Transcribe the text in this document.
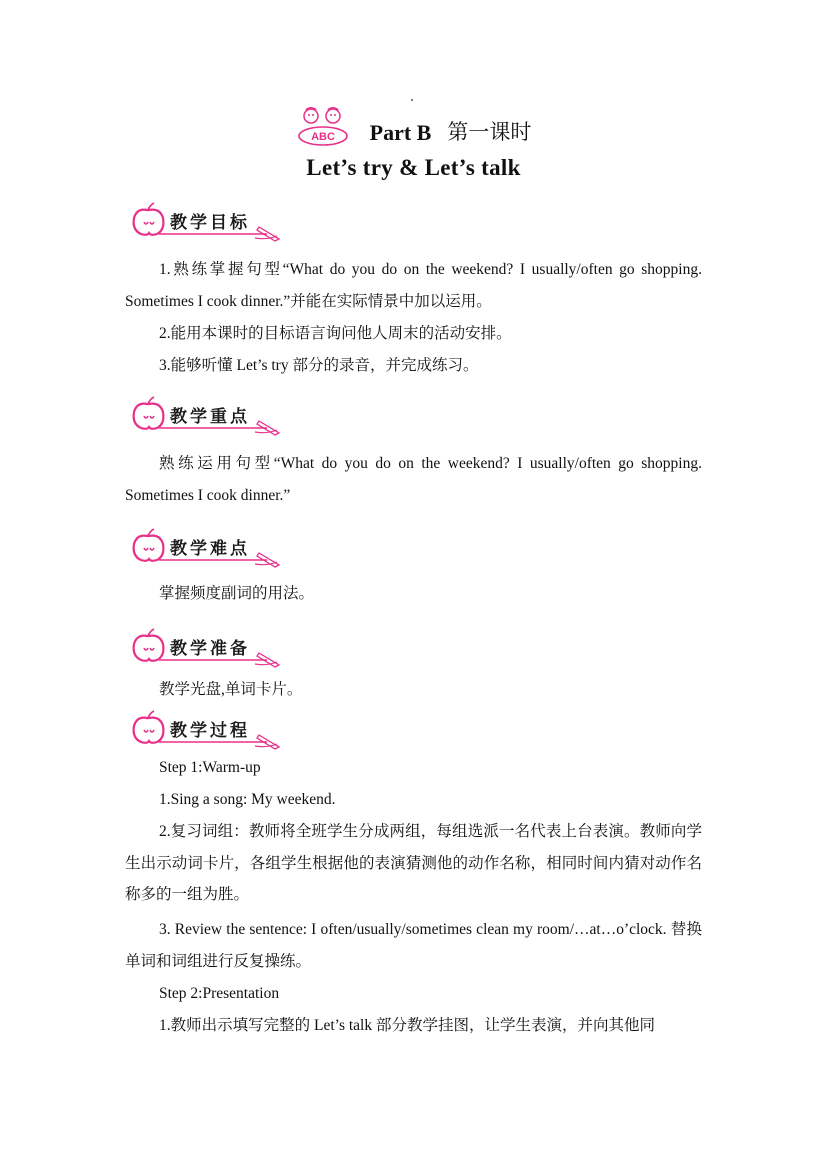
ABC Part B 第一课时
Let’s try & Let’s talk
教学目标
1.熟练掌握句型“What do you do on the weekend? I usually/often go shopping. Sometimes I cook dinner.”并能在实际情景中加以运用。
2.能用本课时的目标语言询问他人周末的活动安排。
3.能够听懂 Let’s try 部分的录音，并完成练习。
教学重点
熟练运用句型“What do you do on the weekend? I usually/often go shopping. Sometimes I cook dinner.”
教学难点
掌握频度副词的用法。
教学准备
教学光盘,单词卡片。
教学过程
Step 1:Warm-up
1.Sing a song: My weekend.
2.复习词组：教师将全班学生分成两组，每组选派一名代表上台表演。教师向学生出示动词卡片，各组学生根据他的表演猜测他的动作名称，相同时间内猜对动作名称多的一组为胜。
3. Review the sentence: I often/usually/sometimes clean my room/…at…o’clock. 替换单词和词组进行反复操练。
Step 2:Presentation
1.教师出示填写完整的 Let’s talk 部分教学挂图，让学生表演，并向其他同
